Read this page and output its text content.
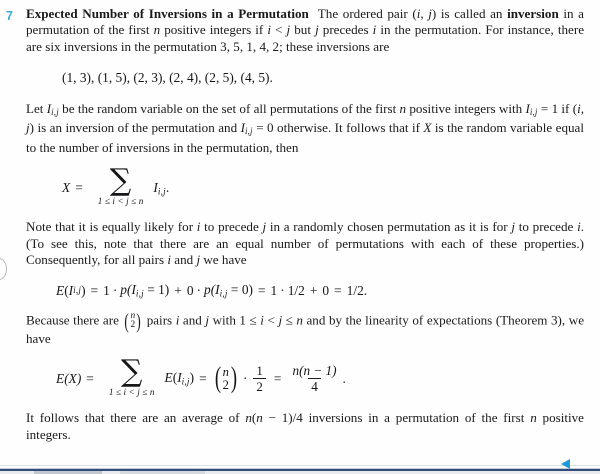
7 Expected Number of Inversions in a Permutation The ordered pair (i, j) is called an inversion in a permutation of the first n positive integers if i < j but j precedes i in the permutation. For instance, there are six inversions in the permutation 3, 5, 1, 4, 2; these inversions are

(1, 3), (1, 5), (2, 3), (2, 4), (2, 5), (4, 5).

Let $I_{i,j}$ be the random variable on the set of all permutations of the first n positive integers with $I_{i,j} = 1$ if (i, j) is an inversion of the permutation and $I_{i,j} = 0$ otherwise. It follows that if X is the random variable equal to the number of inversions in the permutation, then

X = ∑
1 ≤ i < j ≤ n
$I_{i,j}$.

Note that it is equally likely for i to precede j in a randomly chosen permutation as it is for j to precede i. (To see this, note that there are an equal number of permutations with each of these properties.) Consequently, for all pairs i and j we have

E ( I i,j ) = $1 \cdot p(I_{i,j} = 1) + 0 \cdot p(I_{i,j} = 0) = 1 \cdot 1/2 + 0 = 1/2$.

Because there are ( n
2 ) pairs i and j with 1 ≤ i < j ≤ n and by the linearity of expectations (Theorem 3), we have

E (X) = ∑
1 ≤ i < j ≤ n
$E(I_{i,j})$ = ( n
2 ) · $\frac{1}{2} = \frac{n(n - 1)}{4}$ .

It follows that there are an average of n(n − 1)/4 inversions in a permutation of the first n positive integers.
